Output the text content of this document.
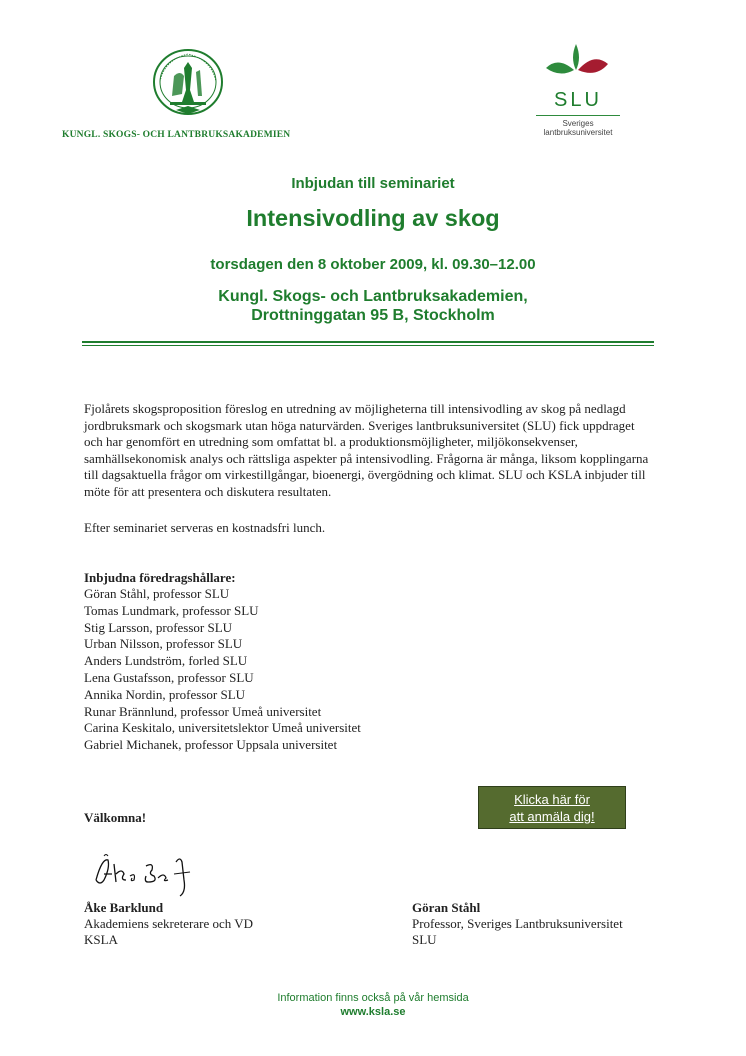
KUNGL. SKOGS- OCH LANTBRUKSAKADEMIEN
SLU
Sveriges
lantbruksuniversitet
Inbjudan till seminariet
Intensivodling av skog
torsdagen den 8 oktober 2009, kl. 09.30–12.00
Kungl. Skogs- och Lantbruksakademien,
Drottninggatan 95 B, Stockholm
Fjolårets skogsproposition föreslog en utredning av möjligheterna till intensivodling av skog på nedlagd jordbruksmark och skogsmark utan höga naturvärden. Sveriges lantbruksuniversitet (SLU) fick uppdraget och har genomfört en utredning som omfattat bl. a produktionsmöjligheter, miljökonsekvenser, samhällsekonomisk analys och rättsliga aspekter på intensivodling. Frågorna är många, liksom kopplingarna till dagsaktuella frågor om virkestillgångar, bioenergi, övergödning och klimat. SLU och KSLA inbjuder till möte för att presentera och diskutera resultaten.
Efter seminariet serveras en kostnadsfri lunch.
Inbjudna föredragshållare:
Göran Ståhl, professor SLU
Tomas Lundmark, professor SLU
Stig Larsson, professor SLU
Urban Nilsson, professor SLU
Anders Lundström, forled SLU
Lena Gustafsson, professor SLU
Annika Nordin, professor SLU
Runar Brännlund, professor Umeå universitet
Carina Keskitalo, universitetslektor Umeå universitet
Gabriel Michanek, professor Uppsala universitet
Välkomna!
Klicka här för
att anmäla dig!
Åke Barklund
Akademiens sekreterare och VD
KSLA
Göran Ståhl
Professor, Sveriges Lantbruksuniversitet
SLU
Information finns också på vår hemsida
www.ksla.se
